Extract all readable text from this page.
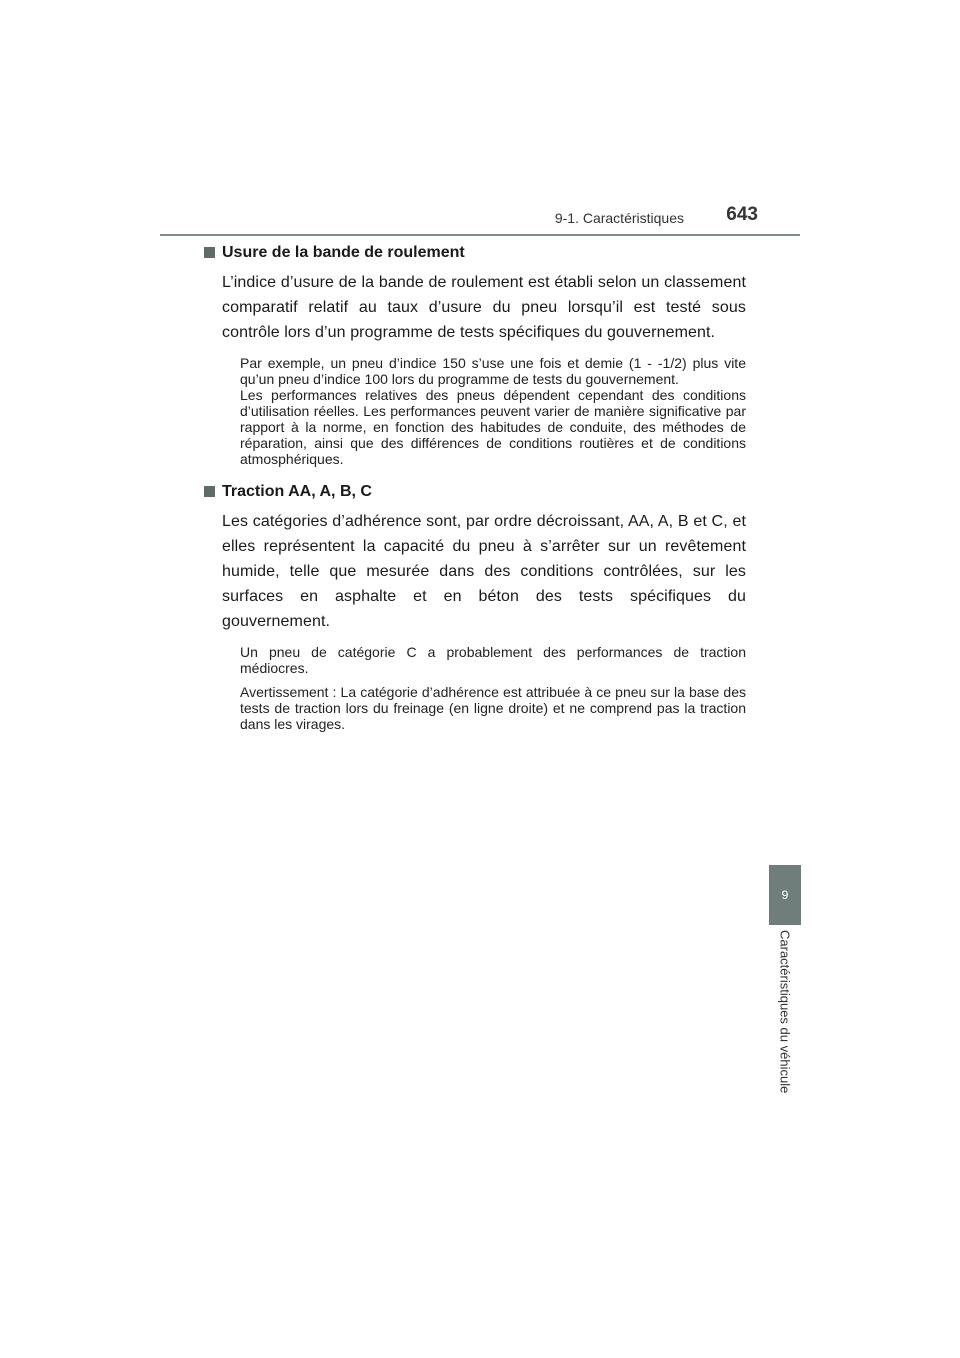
9-1. Caractéristiques 643
9
Caractéristiques du véhicule
Usure de la bande de roulement

L’indice d’usure de la bande de roulement est établi selon un classement comparatif relatif au taux d’usure du pneu lorsqu’il est testé sous contrôle lors d’un programme de tests spécifiques du gouvernement.

Par exemple, un pneu d’indice 150 s’use une fois et demie (1 - -1/2) plus vite qu’un pneu d’indice 100 lors du programme de tests du gouvernement.

Les performances relatives des pneus dépendent cependant des conditions d’utilisation réelles. Les performances peuvent varier de manière significative par rapport à la norme, en fonction des habitudes de conduite, des méthodes de réparation, ainsi que des différences de conditions routières et de conditions atmosphériques.

Traction AA, A, B, C

Les catégories d’adhérence sont, par ordre décroissant, AA, A, B et C, et elles représentent la capacité du pneu à s’arrêter sur un revêtement humide, telle que mesurée dans des conditions contrôlées, sur les surfaces en asphalte et en béton des tests spécifiques du gouvernement.

Un pneu de catégorie C a probablement des performances de traction médiocres.

Avertissement : La catégorie d’adhérence est attribuée à ce pneu sur la base des tests de traction lors du freinage (en ligne droite) et ne comprend pas la traction dans les virages.
